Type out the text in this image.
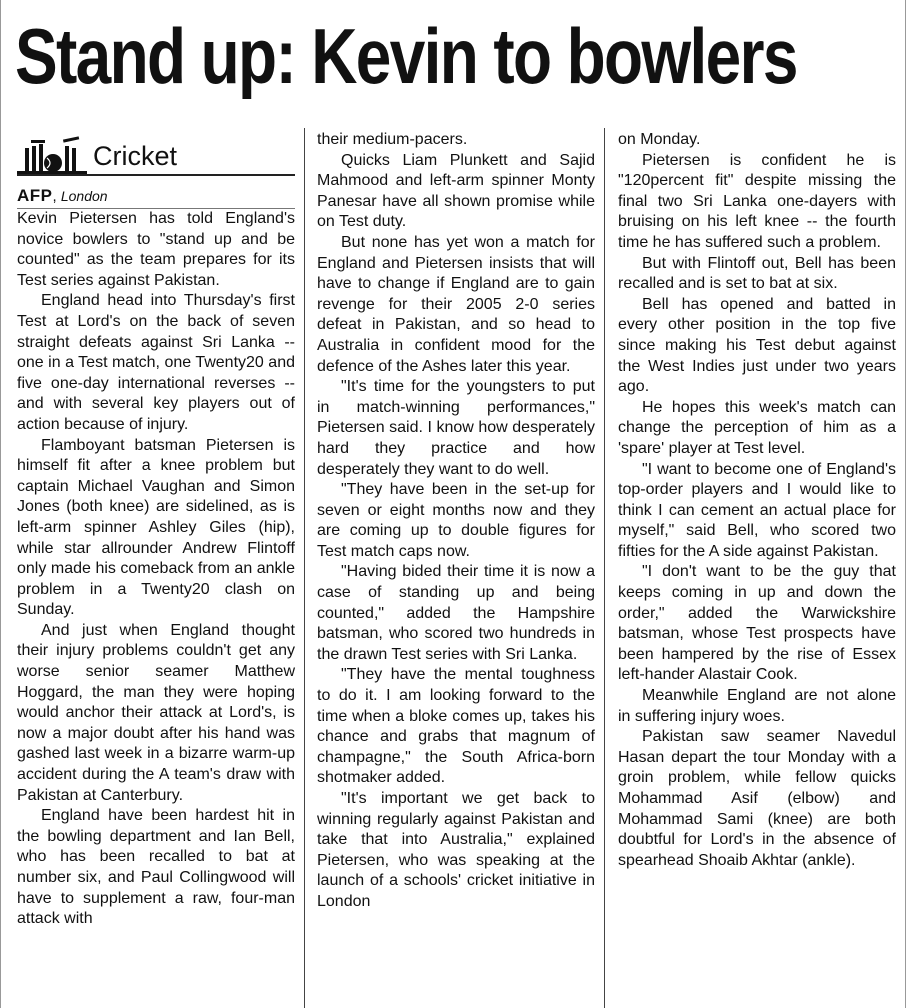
Stand up: Kevin to bowlers
Cricket

AFP, London

Kevin Pietersen has told England's novice bowlers to "stand up and be counted" as the team prepares for its Test series against Pakistan.

England head into Thursday's first Test at Lord's on the back of seven straight defeats against Sri Lanka -- one in a Test match, one Twenty20 and five one-day international reverses -- and with several key players out of action because of injury.

Flamboyant batsman Pietersen is himself fit after a knee problem but captain Michael Vaughan and Simon Jones (both knee) are sidelined, as is left-arm spinner Ashley Giles (hip), while star allrounder Andrew Flintoff only made his comeback from an ankle problem in a Twenty20 clash on Sunday.

And just when England thought their injury problems couldn't get any worse senior seamer Matthew Hoggard, the man they were hoping would anchor their attack at Lord's, is now a major doubt after his hand was gashed last week in a bizarre warm-up accident during the A team's draw with Pakistan at Canterbury.

England have been hardest hit in the bowling department and Ian Bell, who has been recalled to bat at number six, and Paul Collingwood will have to supplement a raw, four-man attack with

their medium-pacers.

Quicks Liam Plunkett and Sajid Mahmood and left-arm spinner Monty Panesar have all shown promise while on Test duty.

But none has yet won a match for England and Pietersen insists that will have to change if England are to gain revenge for their 2005 2-0 series defeat in Pakistan, and so head to Australia in confident mood for the defence of the Ashes later this year.

"It's time for the youngsters to put in match-winning performances," Pietersen said. I know how desperately hard they practice and how desperately they want to do well.

"They have been in the set-up for seven or eight months now and they are coming up to double figures for Test match caps now.

"Having bided their time it is now a case of standing up and being counted," added the Hampshire batsman, who scored two hundreds in the drawn Test series with Sri Lanka.

"They have the mental toughness to do it. I am looking forward to the time when a bloke comes up, takes his chance and grabs that magnum of champagne," the South Africa-born shotmaker added.

"It's important we get back to winning regularly against Pakistan and take that into Australia," explained Pietersen, who was speaking at the launch of a schools' cricket initiative in London

on Monday.

Pietersen is confident he is "120percent fit" despite missing the final two Sri Lanka one-dayers with bruising on his left knee -- the fourth time he has suffered such a problem.

But with Flintoff out, Bell has been recalled and is set to bat at six.

Bell has opened and batted in every other position in the top five since making his Test debut against the West Indies just under two years ago.

He hopes this week's match can change the perception of him as a 'spare' player at Test level.

"I want to become one of England's top-order players and I would like to think I can cement an actual place for myself," said Bell, who scored two fifties for the A side against Pakistan.

"I don't want to be the guy that keeps coming in up and down the order," added the Warwickshire batsman, whose Test prospects have been hampered by the rise of Essex left-hander Alastair Cook.

Meanwhile England are not alone in suffering injury woes.

Pakistan saw seamer Navedul Hasan depart the tour Monday with a groin problem, while fellow quicks Mohammad Asif (elbow) and Mohammad Sami (knee) are both doubtful for Lord's in the absence of spearhead Shoaib Akhtar (ankle).
